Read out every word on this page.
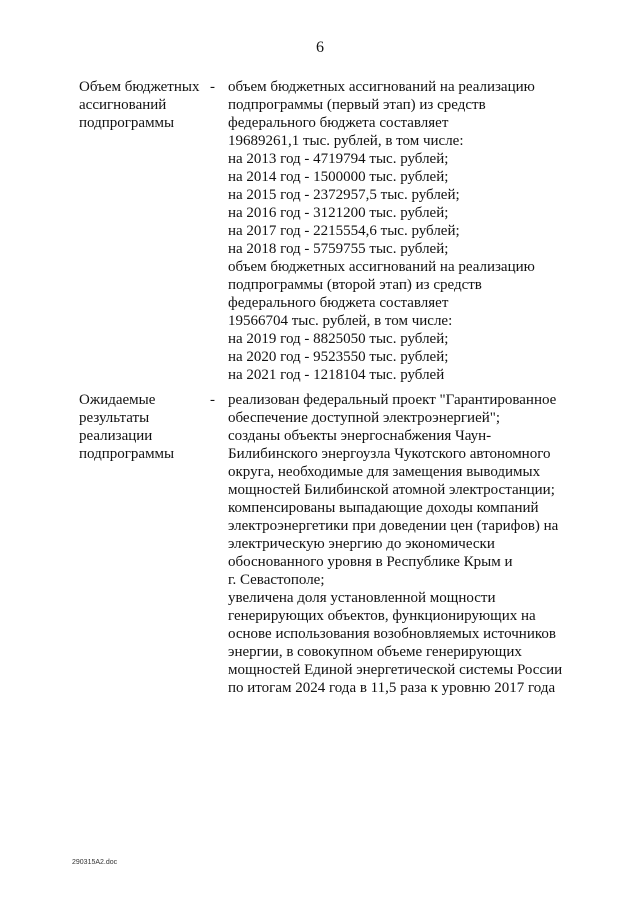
6
Объем бюджетных
ассигнований
подпрограммы
- объем бюджетных ассигнований на реализацию
подпрограммы (первый этап) из средств
федерального бюджета составляет
19689261,1 тыс. рублей, в том числе:
на 2013 год - 4719794 тыс. рублей;
на 2014 год - 1500000 тыс. рублей;
на 2015 год - 2372957,5 тыс. рублей;
на 2016 год - 3121200 тыс. рублей;
на 2017 год - 2215554,6 тыс. рублей;
на 2018 год - 5759755 тыс. рублей;
объем бюджетных ассигнований на реализацию
подпрограммы (второй этап) из средств
федерального бюджета составляет
19566704 тыс. рублей, в том числе:
на 2019 год - 8825050 тыс. рублей;
на 2020 год - 9523550 тыс. рублей;
на 2021 год - 1218104 тыс. рублей
Ожидаемые
результаты
реализации
подпрограммы
- реализован федеральный проект "Гарантированное
обеспечение доступной электроэнергией";
созданы объекты энергоснабжения Чаун-
Билибинского энергоузла Чукотского автономного
округа, необходимые для замещения выводимых
мощностей Билибинской атомной электростанции;
компенсированы выпадающие доходы компаний
электроэнергетики при доведении цен (тарифов) на
электрическую энергию до экономически
обоснованного уровня в Республике Крым и
г. Севастополе;
увеличена доля установленной мощности
генерирующих объектов, функционирующих на
основе использования возобновляемых источников
энергии, в совокупном объеме генерирующих
мощностей Единой энергетической системы России
по итогам 2024 года в 11,5 раза к уровню 2017 года
290315A2.doc
